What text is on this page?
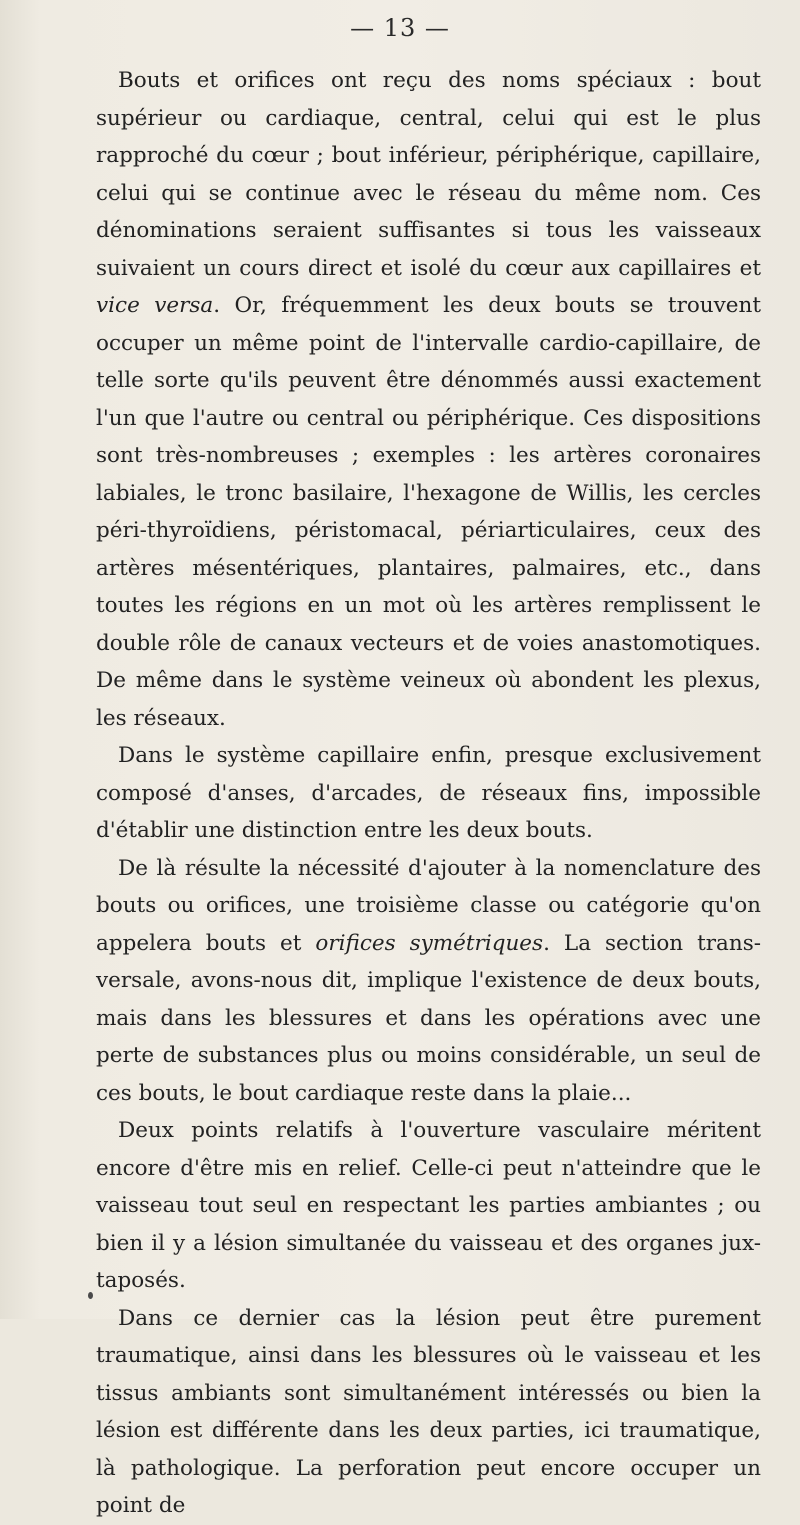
— 13 —

Bouts et orifices ont reçu des noms spéciaux : bout supérieur ou cardiaque, central, celui qui est le plus rapproché du cœur ; bout inférieur, périphérique, capillaire, celui qui se continue avec le réseau du même nom. Ces dénominations seraient suffisantes si tous les vaisseaux suivaient un cours direct et isolé du cœur aux capillaires et vice versa. Or, fréquemment les deux bouts se trouvent occuper un même point de l'intervalle cardio-capillaire, de telle sorte qu'ils peuvent être dénommés aussi exactement l'un que l'autre ou central ou périphérique. Ces dispositions sont très-nombreuses ; exemples : les artères coronaires labiales, le tronc basilaire, l'hexagone de Willis, les cercles péri-thyroïdiens, péristomacal, périarticulaires, ceux des artères mésentériques, plantaires, palmaires, etc., dans toutes les régions en un mot où les artères remplissent le double rôle de canaux vecteurs et de voies anastomotiques. De même dans le système veineux où abondent les plexus, les réseaux.

Dans le système capillaire enfin, presque exclusivement composé d'anses, d'arcades, de réseaux fins, impossible d'établir une distinction entre les deux bouts.

De là résulte la nécessité d'ajouter à la nomenclature des bouts ou orifices, une troisième classe ou catégorie qu'on appelera bouts et orifices symétriques. La section trans-versale, avons-nous dit, implique l'existence de deux bouts, mais dans les blessures et dans les opérations avec une perte de substances plus ou moins considérable, un seul de ces bouts, le bout cardiaque reste dans la plaie...

Deux points relatifs à l'ouverture vasculaire méritent encore d'être mis en relief. Celle-ci peut n'atteindre que le vaisseau tout seul en respectant les parties ambiantes ; ou bien il y a lésion simultanée du vaisseau et des organes jux-taposés.

Dans ce dernier cas la lésion peut être purement traumatique, ainsi dans les blessures où le vaisseau et les tissus ambiants sont simultanément intéressés ou bien la lésion est différente dans les deux parties, ici traumatique, là pathologique. La perforation peut encore occuper un point de
